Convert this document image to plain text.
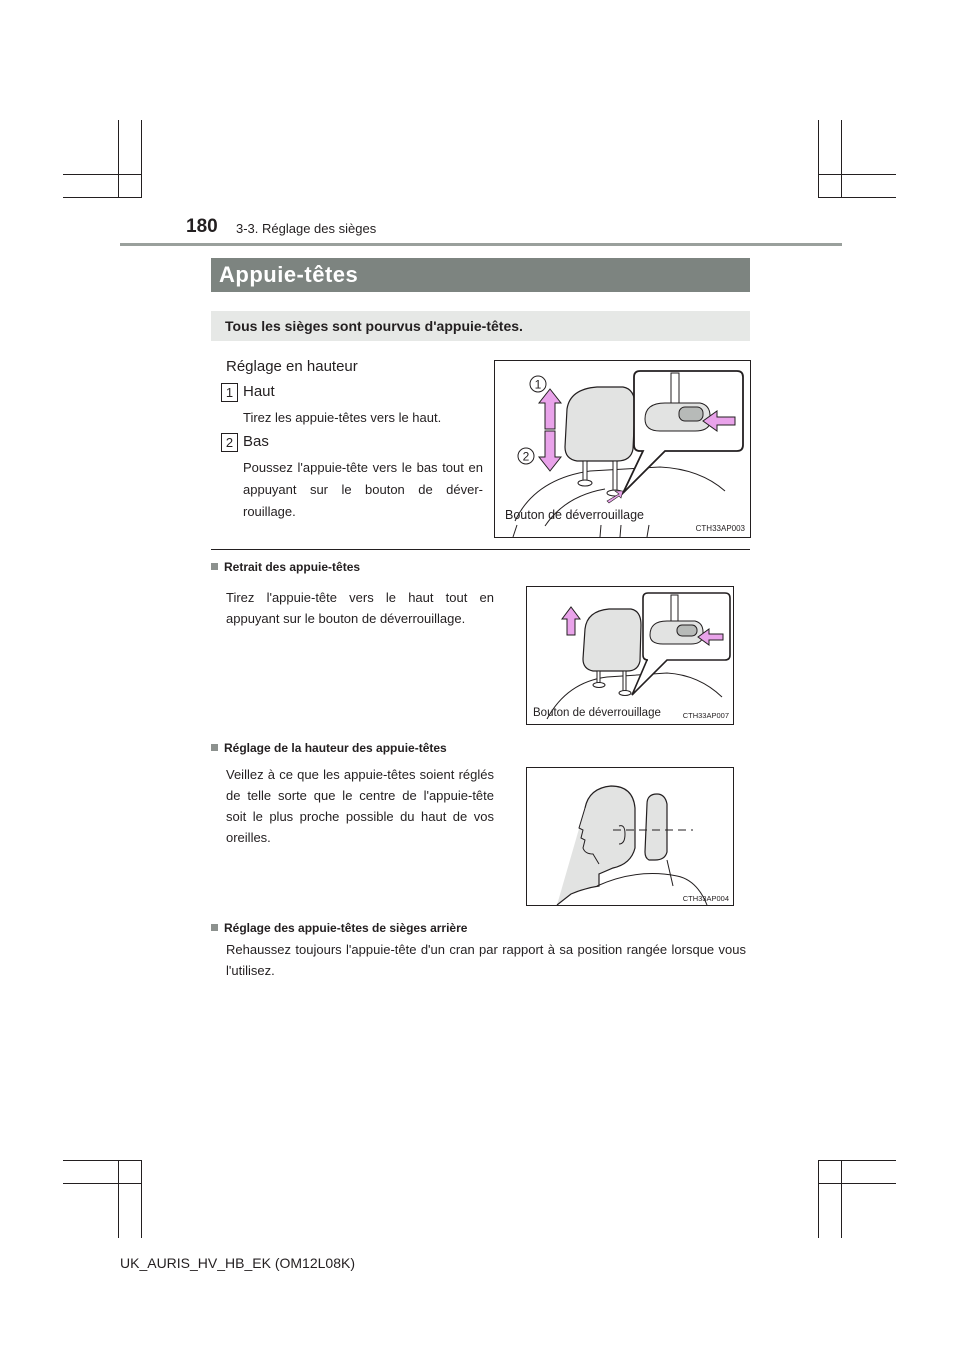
180 3-3. Réglage des sièges
Appuie-têtes
Tous les sièges sont pourvus d'appuie-têtes.
Réglage en hauteur
1 Haut
Tirez les appuie-têtes vers le haut.
2 Bas
Poussez l'appuie-tête vers le bas tout en appuyant sur le bouton de déver-rouillage.
1
2
Bouton de déverrouillage
CTH33AP003
Retrait des appuie-têtes
Tirez l'appuie-tête vers le haut tout en appuyant sur le bouton de déverrouillage.
Bouton de déverrouillage	CTH33AP007
Réglage de la hauteur des appuie-têtes
Veillez à ce que les appuie-têtes soient réglés de telle sorte que le centre de l'appuie-tête soit le plus proche possible du haut de vos oreilles.
CTH33AP004
Réglage des appuie-têtes de sièges arrière
Rehaussez toujours l'appuie-tête d'un cran par rapport à sa position rangée lorsque vous l'utilisez.
UK_AURIS_HV_HB_EK (OM12L08K)
